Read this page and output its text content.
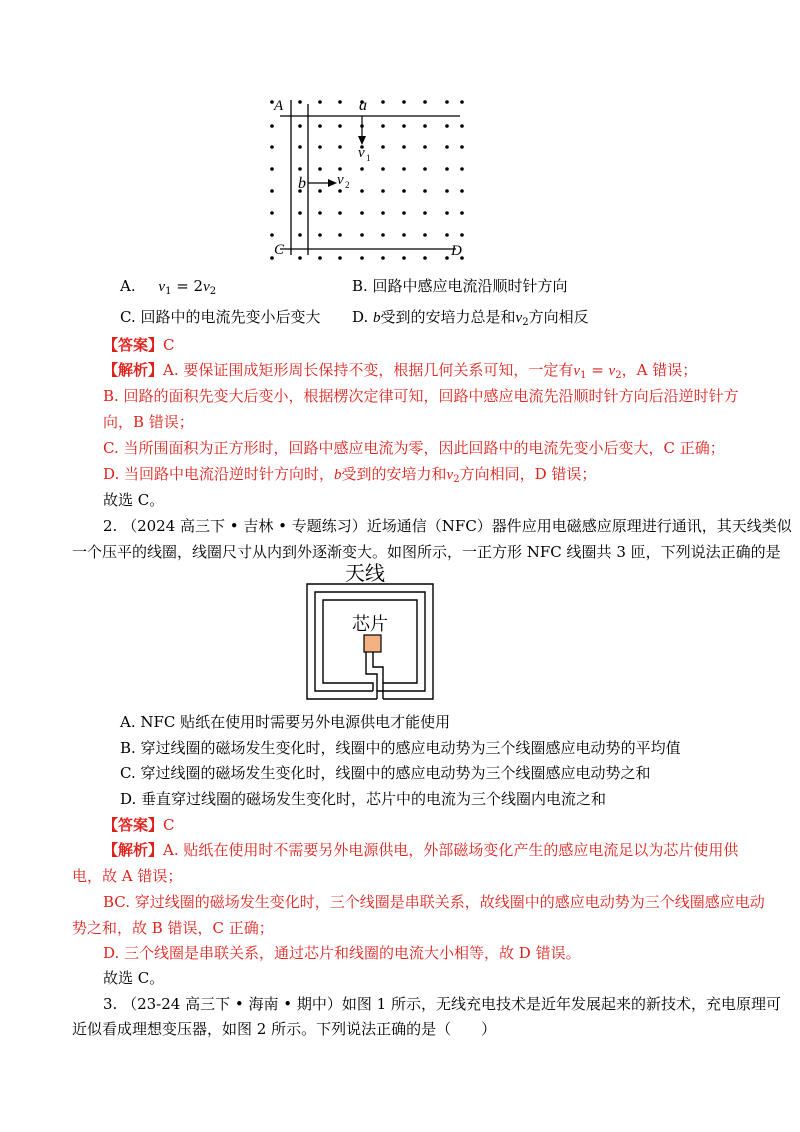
A	a
v 1
b v 2
C	D
A. $v_1 = 2v_2$	B. 回路中感应电流沿顺时针方向
C. 回路中的电流先变小后变大 D. b受到的安培力总是和$v_2$方向相反
【答案】C
【解析】A. 要保证围成矩形周长保持不变，根据几何关系可知，一定有$v_1 = v_2$，A 错误；
B. 回路的面积先变大后变小，根据楞次定律可知，回路中感应电流先沿顺时针方向后沿逆时针方
向，B 错误；
C. 当所围面积为正方形时，回路中感应电流为零，因此回路中的电流先变小后变大，C 正确；
D. 当回路中电流沿逆时针方向时，b受到的安培力和$v_2$方向相同，D 错误；
故选 C。
2. （2024 高三下 • 吉林 • 专题练习）近场通信（NFC）器件应用电磁感应原理进行通讯，其天线类似
一个压平的线圈，线圈尺寸从内到外逐渐变大。如图所示，一正方形 NFC 线圈共 3 匝，下列说法正确的是
天线
芯片
A. NFC 贴纸在使用时需要另外电源供电才能使用
B. 穿过线圈的磁场发生变化时，线圈中的感应电动势为三个线圈感应电动势的平均值
C. 穿过线圈的磁场发生变化时，线圈中的感应电动势为三个线圈感应电动势之和
D. 垂直穿过线圈的磁场发生变化时，芯片中的电流为三个线圈内电流之和
【答案】C
【解析】A. 贴纸在使用时不需要另外电源供电，外部磁场变化产生的感应电流足以为芯片使用供
电，故 A 错误；
BC. 穿过线圈的磁场发生变化时，三个线圈是串联关系，故线圈中的感应电动势为三个线圈感应电动
势之和，故 B 错误，C 正确；
D. 三个线圈是串联关系，通过芯片和线圈的电流大小相等，故 D 错误。
故选 C。
3. （23-24 高三下 • 海南 • 期中）如图 1 所示，无线充电技术是近年发展起来的新技术，充电原理可
近似看成理想变压器，如图 2 所示。下列说法正确的是（　　）
